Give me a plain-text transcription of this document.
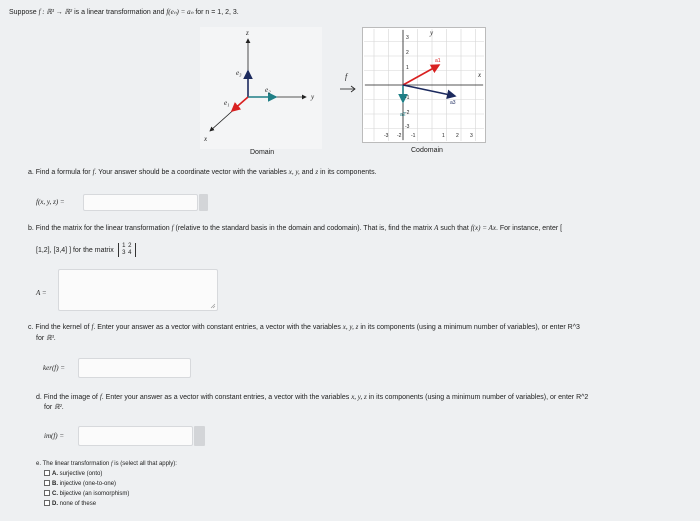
Suppose f : ℝ³ → ℝ² is a linear transformation and f(eₙ) = aₙ for n = 1, 2, 3.
z
y
x
e₃
e₂
e₁
Domain
f
3
2
1
-1
-2
-3
-3 -2 -1	1 2 3
y
x
a1
a2
a3
Codomain
a. Find a formula for f. Your answer should be a coordinate vector with the variables x, y, and z in its components.
f(x, y, z) =
b. Find the matrix for the linear transformation f (relative to the standard basis in the domain and codomain). That is, find the matrix A such that f(x) = Ax. For instance, enter [
[1,2], [3,4] ] for the matrix 1 2
3 4
A =
c. Find the kernel of f. Enter your answer as a vector with constant entries, a vector with the variables x, y, z in its components (using a minimum number of variables), or enter R^3
for ℝ³.
ker(f) =
d. Find the image of f. Enter your answer as a vector with constant entries, a vector with the variables x, y, z in its components (using a minimum number of variables), or enter R^2
for ℝ².
im(f) =
e. The linear transformation f is (select all that apply):
A. surjective (onto)
B. injective (one-to-one)
C. bijective (an isomorphism)
D. none of these
